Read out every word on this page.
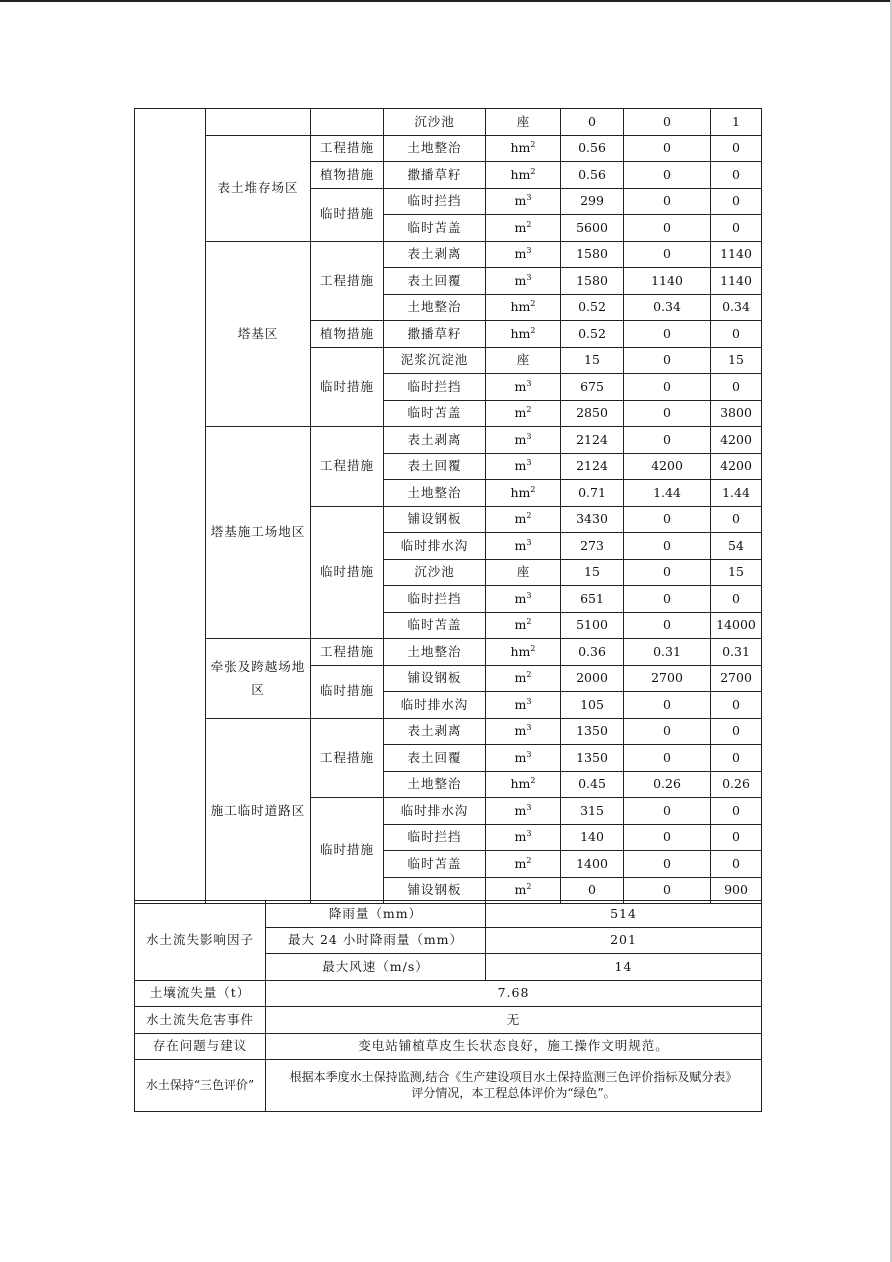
			沉沙池	座	0	0	1
	表土堆存场区	工程措施	土地整治	$hm^2$	0.56	0	0
		植物措施	撒播草籽	$hm^2$	0.56	0	0
		临时措施	临时拦挡	$m^3$	299	0	0
			临时苫盖	$m^2$	5600	0	0
	塔基区	工程措施	表土剥离	$m^3$	1580	0	1140
			表土回覆	$m^3$	1580	1140	1140
			土地整治	$hm^2$	0.52	0.34	0.34
		植物措施	撒播草籽	$hm^2$	0.52	0	0
		临时措施	泥浆沉淀池	座	15	0	15
			临时拦挡	$m^3$	675	0	0
			临时苫盖	$m^2$	2850	0	3800
	塔基施工场地区	工程措施	表土剥离	$m^3$	2124	0	4200
			表土回覆	$m^3$	2124	4200	4200
			土地整治	$hm^2$	0.71	1.44	1.44
		临时措施	铺设钢板	$m^2$	3430	0	0
			临时排水沟	$m^3$	273	0	54
			沉沙池	座	15	0	15
			临时拦挡	$m^3$	651	0	0
			临时苫盖	$m^2$	5100	0	14000
	牵张及跨越场地区	工程措施	土地整治	$hm^2$	0.36	0.31	0.31
		临时措施	铺设钢板	$m^2$	2000	2700	2700
			临时排水沟	$m^3$	105	0	0
	施工临时道路区	工程措施	表土剥离	$m^3$	1350	0	0
			表土回覆	$m^3$	1350	0	0
			土地整治	$hm^2$	0.45	0.26	0.26
		临时措施	临时排水沟	$m^3$	315	0	0
			临时拦挡	$m^3$	140	0	0
			临时苫盖	$m^2$	1400	0	0
			铺设钢板	$m^2$	0	0	900
水土流失影响因子	降雨量（mm）	514
	最大 24 小时降雨量（mm）	201
	最大风速（m/s）	14
土壤流失量（t）	7.68	
水土流失危害事件	无	
存在问题与建议	变电站铺植草皮生长状态良好，施工操作文明规范。	
水土保持“三色评价”	根据本季度水土保持监测,结合《生产建设项目水土保持监测三色评价指标及赋分表》
评分情况，本工程总体评价为“绿色”。	
